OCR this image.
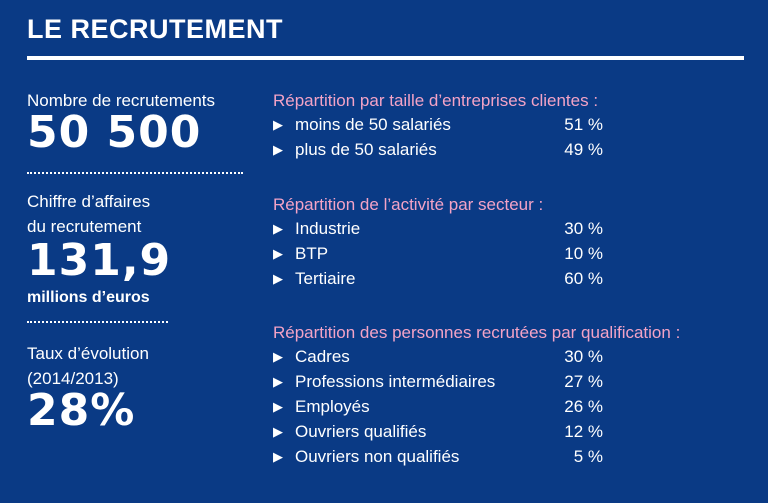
LE RECRUTEMENT
Nombre de recrutements
50 500
Chiffre d’affaires
du recrutement
131,9
millions d’euros
Taux d’évolution
(2014/2013)
28%
Répartition par taille d’entreprises clientes :
▶ moins de 50 salariés	51 %
▶ plus de 50 salariés	49 %
Répartition de l’activité par secteur :
▶ Industrie	30 %
▶ BTP	10 %
▶ Tertiaire	60 %
Répartition des personnes recrutées par qualification :
▶ Cadres	30 %
▶ Professions intermédiaires	27 %
▶ Employés	26 %
▶ Ouvriers qualifiés	12 %
▶ Ouvriers non qualifiés	5 %
